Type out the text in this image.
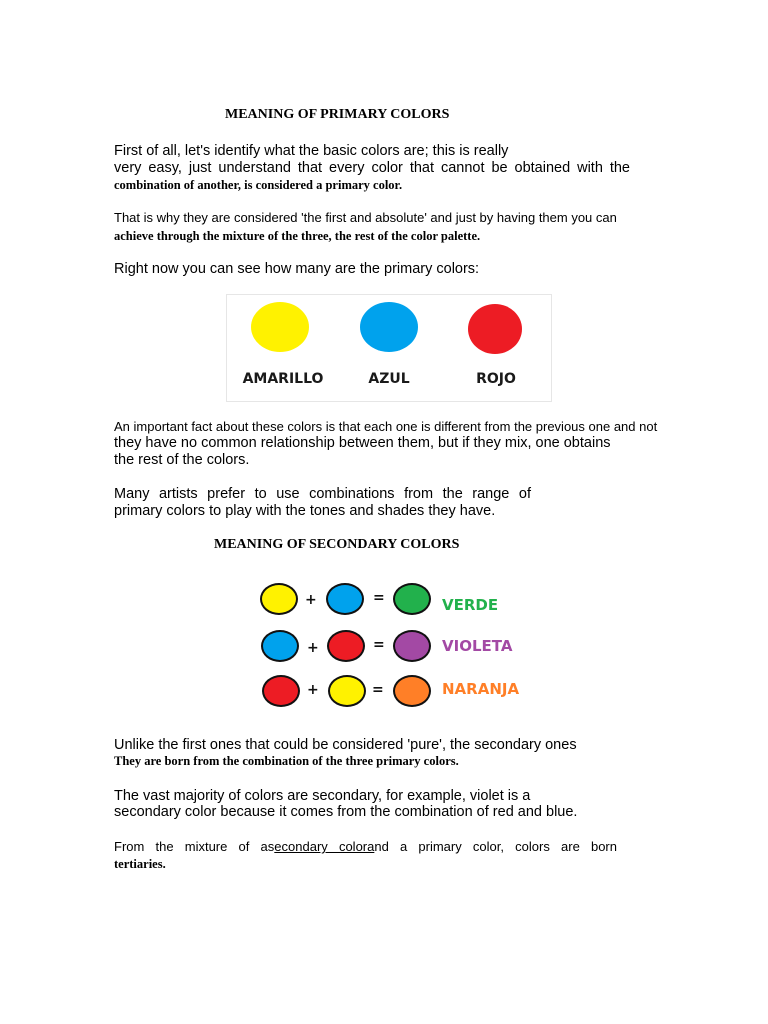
MEANING OF PRIMARY COLORS
First of all, let's identify what the basic colors are; this is really
very easy, just understand that every color that cannot be obtained with the
combination of another, is considered a primary color.
That is why they are considered 'the first and absolute' and just by having them you can
achieve through the mixture of the three, the rest of the color palette.
Right now you can see how many are the primary colors:
AMARILLO	AZUL	ROJO
An important fact about these colors is that each one is different from the previous one and not
they have no common relationship between them, but if they mix, one obtains
the rest of the colors.
Many artists prefer to use combinations from the range of
primary colors to play with the tones and shades they have.
MEANING OF SECONDARY COLORS
+	=	VERDE
+	=	VIOLETA
+	=	NARANJA
Unlike the first ones that could be considered 'pure', the secondary ones
They are born from the combination of the three primary colors.
The vast majority of colors are secondary, for example, violet is a
secondary color because it comes from the combination of red and blue.
From the mixture of asecondary colorand a primary color, colors are born
tertiaries.
